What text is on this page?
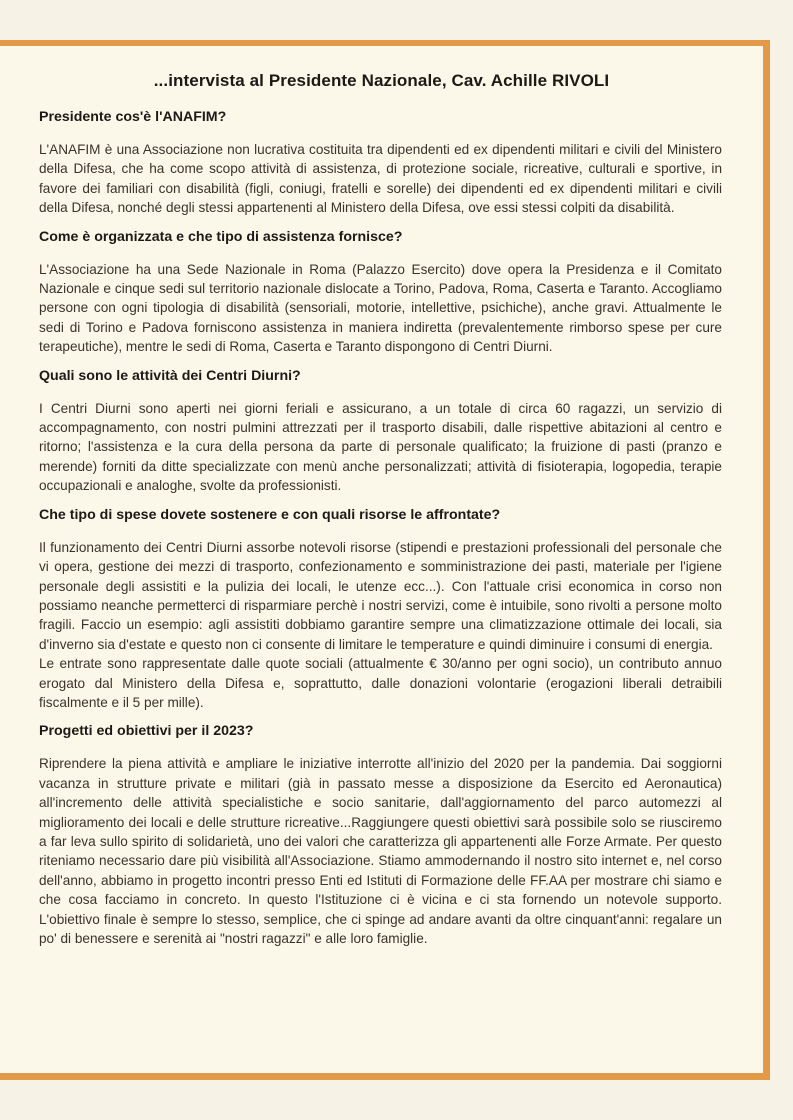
...intervista al Presidente Nazionale, Cav. Achille RIVOLI

Presidente cos'è l'ANAFIM?

L'ANAFIM è una Associazione non lucrativa costituita tra dipendenti ed ex dipendenti militari e civili del Ministero della Difesa, che ha come scopo attività di assistenza, di protezione sociale, ricreative, culturali e sportive, in favore dei familiari con disabilità (figli, coniugi, fratelli e sorelle) dei dipendenti ed ex dipendenti militari e civili della Difesa, nonché degli stessi appartenenti al Ministero della Difesa, ove essi stessi colpiti da disabilità.

Come è organizzata e che tipo di assistenza fornisce?

L'Associazione ha una Sede Nazionale in Roma (Palazzo Esercito) dove opera la Presidenza e il Comitato Nazionale e cinque sedi sul territorio nazionale dislocate a Torino, Padova, Roma, Caserta e Taranto. Accogliamo persone con ogni tipologia di disabilità (sensoriali, motorie, intellettive, psichiche), anche gravi. Attualmente le sedi di Torino e Padova forniscono assistenza in maniera indiretta (prevalentemente rimborso spese per cure terapeutiche), mentre le sedi di Roma, Caserta e Taranto dispongono di Centri Diurni.

Quali sono le attività dei Centri Diurni?

I Centri Diurni sono aperti nei giorni feriali e assicurano, a un totale di circa 60 ragazzi, un servizio di accompagnamento, con nostri pulmini attrezzati per il trasporto disabili, dalle rispettive abitazioni al centro e ritorno; l'assistenza e la cura della persona da parte di personale qualificato; la fruizione di pasti (pranzo e merende) forniti da ditte specializzate con menù anche personalizzati; attività di fisioterapia, logopedia, terapie occupazionali e analoghe, svolte da professionisti.

Che tipo di spese dovete sostenere e con quali risorse le affrontate?

Il funzionamento dei Centri Diurni assorbe notevoli risorse (stipendi e prestazioni professionali del personale che vi opera, gestione dei mezzi di trasporto, confezionamento e somministrazione dei pasti, materiale per l'igiene personale degli assistiti e la pulizia dei locali, le utenze ecc...). Con l'attuale crisi economica in corso non possiamo neanche permetterci di risparmiare perchè i nostri servizi, come è intuibile, sono rivolti a persone molto fragili. Faccio un esempio: agli assistiti dobbiamo garantire sempre una climatizzazione ottimale dei locali, sia d'inverno sia d'estate e questo non ci consente di limitare le temperature e quindi diminuire i consumi di energia.

Le entrate sono rappresentate dalle quote sociali (attualmente € 30/anno per ogni socio), un contributo annuo erogato dal Ministero della Difesa e, soprattutto, dalle donazioni volontarie (erogazioni liberali detraibili fiscalmente e il 5 per mille).

Progetti ed obiettivi per il 2023?

Riprendere la piena attività e ampliare le iniziative interrotte all'inizio del 2020 per la pandemia. Dai soggiorni vacanza in strutture private e militari (già in passato messe a disposizione da Esercito ed Aeronautica) all'incremento delle attività specialistiche e socio sanitarie, dall'aggiornamento del parco automezzi al miglioramento dei locali e delle strutture ricreative...Raggiungere questi obiettivi sarà possibile solo se riusciremo a far leva sullo spirito di solidarietà, uno dei valori che caratterizza gli appartenenti alle Forze Armate. Per questo riteniamo necessario dare più visibilità all'Associazione. Stiamo ammodernando il nostro sito internet e, nel corso dell'anno, abbiamo in progetto incontri presso Enti ed Istituti di Formazione delle FF.AA per mostrare chi siamo e che cosa facciamo in concreto. In questo l'Istituzione ci è vicina e ci sta fornendo un notevole supporto. L'obiettivo finale è sempre lo stesso, semplice, che ci spinge ad andare avanti da oltre cinquant'anni: regalare un po' di benessere e serenità ai "nostri ragazzi" e alle loro famiglie.
